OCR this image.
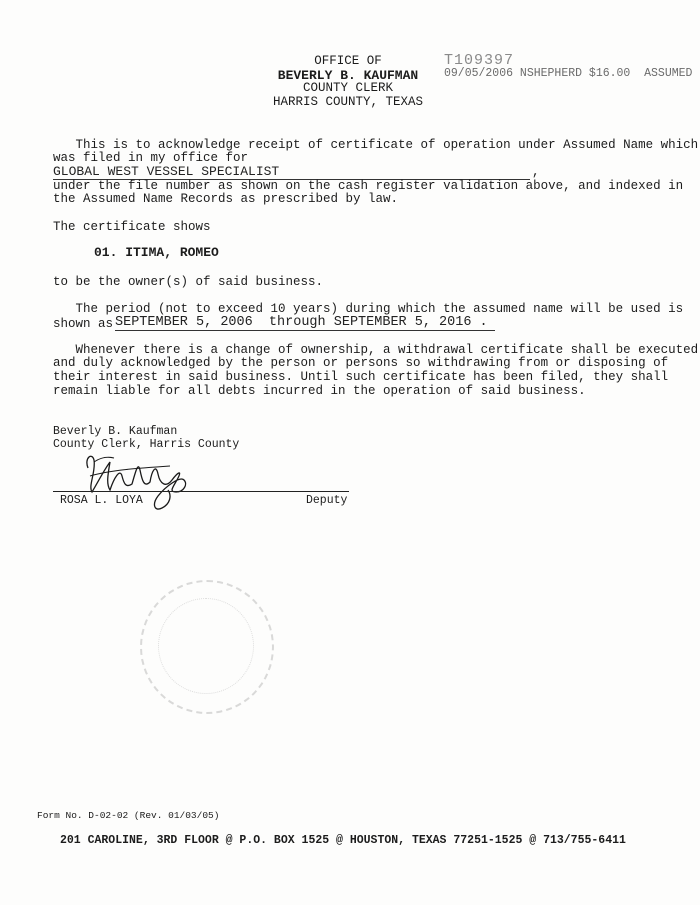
OFFICE OF
BEVERLY B. KAUFMAN
COUNTY CLERK
HARRIS COUNTY, TEXAS
T109397
09/05/2006 NSHEPHERD $16.00  ASSUMED
This is to acknowledge receipt of certificate of operation under Assumed Name which
was filed in my office for
GLOBAL WEST VESSEL SPECIALIST	,
under the file number as shown on the cash register validation above, and indexed in
the Assumed Name Records as prescribed by law.
The certificate shows
01. ITIMA, ROMEO
to be the owner(s) of said business.
The period (not to exceed 10 years) during which the assumed name will be used is
shown as SEPTEMBER 5, 2006  through SEPTEMBER 5, 2016 .
Whenever there is a change of ownership, a withdrawal certificate shall be executed
and duly acknowledged by the person or persons so withdrawing from or disposing of
their interest in said business. Until such certificate has been filed, they shall
remain liable for all debts incurred in the operation of said business.
Beverly B. Kaufman
County Clerk, Harris County
ROSA L. LOYA	Deputy
Form No. D-02-02 (Rev. 01/03/05)
201 CAROLINE, 3RD FLOOR @ P.O. BOX 1525 @ HOUSTON, TEXAS 77251-1525 @ 713/755-6411
